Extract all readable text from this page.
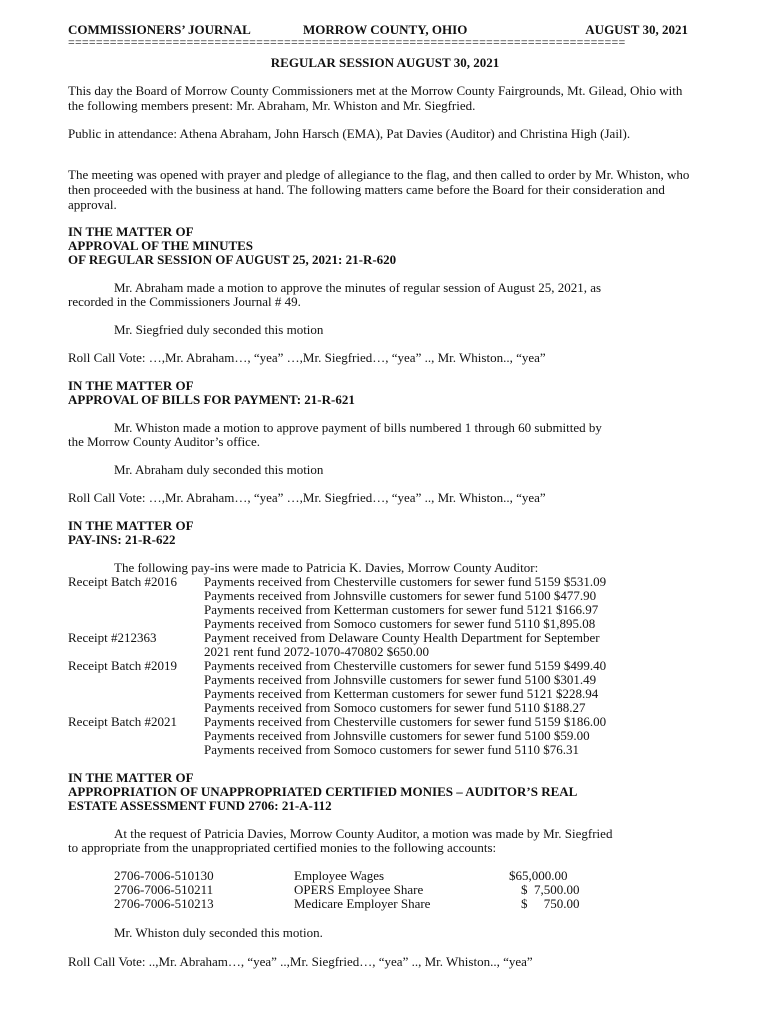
COMMISSIONERS’ JOURNAL	MORROW COUNTY, OHIO	AUGUST 30, 2021
================================================================================
REGULAR SESSION AUGUST 30, 2021
This day the Board of Morrow County Commissioners met at the Morrow County Fairgrounds, Mt. Gilead, Ohio with the following members present: Mr. Abraham, Mr. Whiston and Mr. Siegfried.
Public in attendance: Athena Abraham, John Harsch (EMA), Pat Davies (Auditor) and Christina High (Jail).
The meeting was opened with prayer and pledge of allegiance to the flag, and then called to order by Mr. Whiston, who then proceeded with the business at hand. The following matters came before the Board for their consideration and approval.
IN THE MATTER OF
APPROVAL OF THE MINUTES
OF REGULAR SESSION OF AUGUST 25, 2021: 21-R-620
Mr. Abraham made a motion to approve the minutes of regular session of August 25, 2021, as
recorded in the Commissioners Journal # 49.
Mr. Siegfried duly seconded this motion
Roll Call Vote: …,Mr. Abraham…, “yea” …,Mr. Siegfried…, “yea” .., Mr. Whiston.., “yea”
IN THE MATTER OF
APPROVAL OF BILLS FOR PAYMENT: 21-R-621
Mr. Whiston made a motion to approve payment of bills numbered 1 through 60 submitted by
the Morrow County Auditor’s office.
Mr. Abraham duly seconded this motion
Roll Call Vote: …,Mr. Abraham…, “yea” …,Mr. Siegfried…, “yea” .., Mr. Whiston.., “yea”
IN THE MATTER OF
PAY-INS: 21-R-622
The following pay-ins were made to Patricia K. Davies, Morrow County Auditor:
Receipt Batch #2016 Payments received from Chesterville customers for sewer fund 5159 $531.09
Payments received from Johnsville customers for sewer fund 5100 $477.90
Payments received from Ketterman customers for sewer fund 5121 $166.97
Payments received from Somoco customers for sewer fund 5110 $1,895.08
Receipt #212363	Payment received from Delaware County Health Department for September
2021 rent fund 2072-1070-470802 $650.00
Receipt Batch #2019 Payments received from Chesterville customers for sewer fund 5159 $499.40
Payments received from Johnsville customers for sewer fund 5100 $301.49
Payments received from Ketterman customers for sewer fund 5121 $228.94
Payments received from Somoco customers for sewer fund 5110 $188.27
Receipt Batch #2021 Payments received from Chesterville customers for sewer fund 5159 $186.00
Payments received from Johnsville customers for sewer fund 5100 $59.00
Payments received from Somoco customers for sewer fund 5110 $76.31
IN THE MATTER OF
APPROPRIATION OF UNAPPROPRIATED CERTIFIED MONIES – AUDITOR’S REAL
ESTATE ASSESSMENT FUND 2706: 21-A-112
At the request of Patricia Davies, Morrow County Auditor, a motion was made by Mr. Siegfried
to appropriate from the unappropriated certified monies to the following accounts:
2706-7006-510130	Employee Wages	$65,000.00
2706-7006-510211	OPERS Employee Share	$  7,500.00
2706-7006-510213	Medicare Employer Share	$     750.00
Mr. Whiston duly seconded this motion.
Roll Call Vote: ..,Mr. Abraham…, “yea” ..,Mr. Siegfried…, “yea” .., Mr. Whiston.., “yea”
